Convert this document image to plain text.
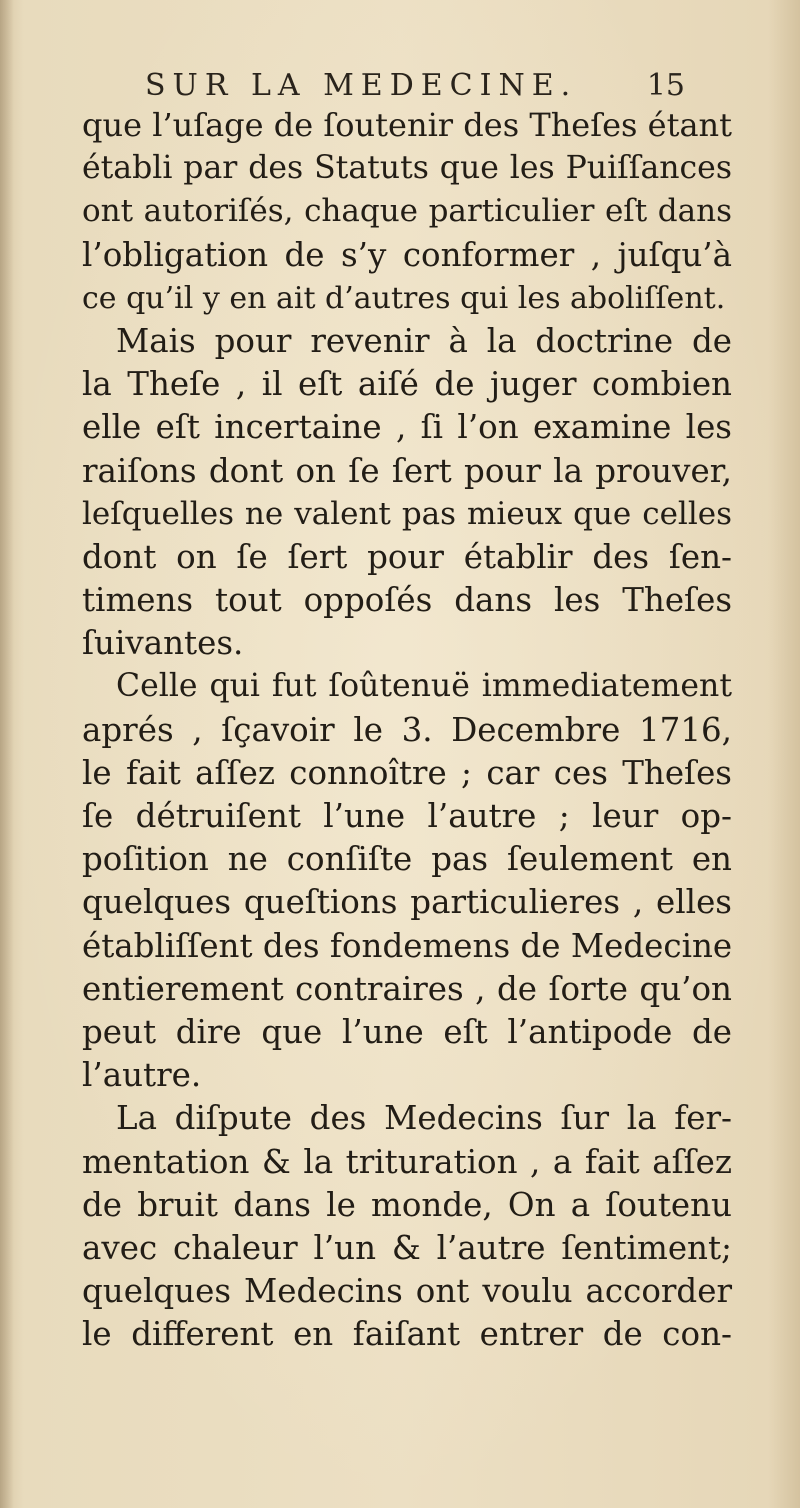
SUR LA MEDECINE. 15
que l’uſage de ſoutenir des Theſes étant
établi par des Statuts que les Puiſſances
ont autoriſés, chaque particulier eſt dans
l’obligation de s’y conformer , juſqu’à
ce qu’il y en ait d’autres qui les aboliſſent.
Mais pour revenir à la doctrine de
la Theſe , il eſt aiſé de juger combien
elle eſt incertaine , ſi l’on examine les
raiſons dont on ſe ſert pour la prouver,
leſquelles ne valent pas mieux que celles
dont on ſe ſert pour établir des ſen-
timens tout oppoſés dans les Theſes
ſuivantes.
Celle qui fut ſoûtenuë immediatement
aprés , ſçavoir le 3. Decembre 1716,
le fait aſſez connoître ; car ces Theſes
ſe détruiſent l’une l’autre ; leur op-
poſition ne conſiſte pas ſeulement en
quelques queſtions particulieres , elles
établiſſent des fondemens de Medecine
entierement contraires , de ſorte qu’on
peut dire que l’une eſt l’antipode de
l’autre.
La diſpute des Medecins ſur la fer-
mentation & la trituration , a fait aſſez
de bruit dans le monde, On a ſoutenu
avec chaleur l’un & l’autre ſentiment;
quelques Medecins ont voulu accorder
le different en faiſant entrer de con-
